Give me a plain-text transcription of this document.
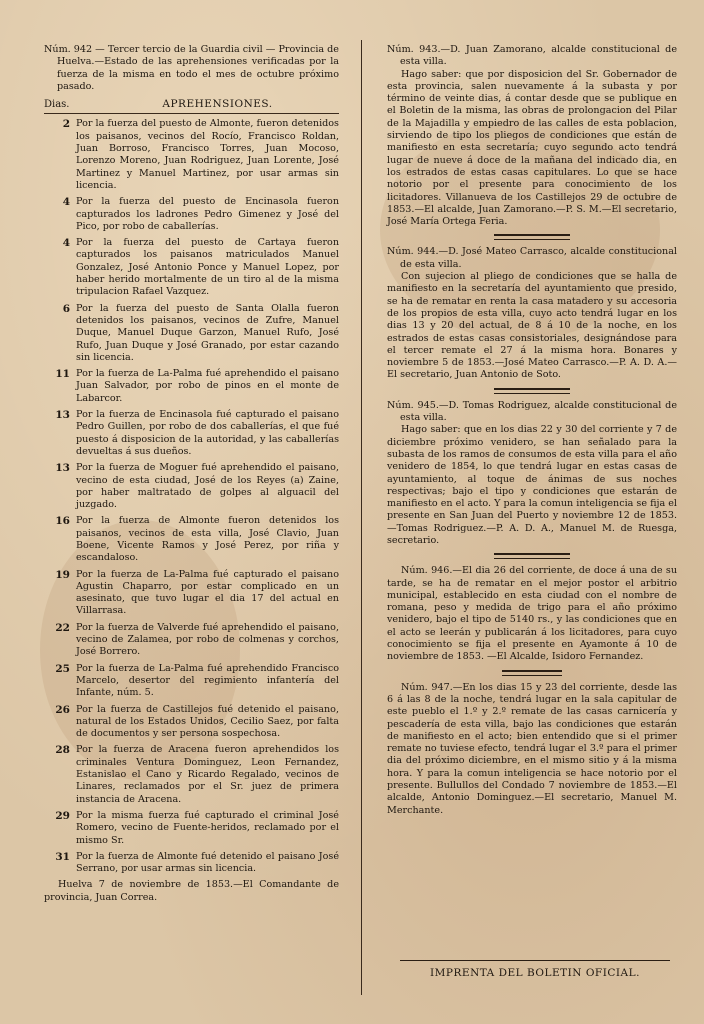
Núm. 942 — Tercer tercio de la Guardia civil — Provincia de Huelva.—Estado de las aprehensiones verificadas por la fuerza de la misma en todo el mes de octubre próximo pasado.

Dias.	APREHENSIONES.
2 Por la fuerza del puesto de Almonte, fueron detenidos los paisanos, vecinos del Rocío, Francisco Roldan, Juan Borroso, Francisco Torres, Juan Mocoso, Lorenzo Moreno, Juan Rodriguez, Juan Lorente, José Martinez y Manuel Martinez, por usar armas sin licencia.
4 Por la fuerza del puesto de Encinasola fueron capturados los ladrones Pedro Gimenez y José del Pico, por robo de caballerías.
4 Por la fuerza del puesto de Cartaya fueron capturados los paisanos matriculados Manuel Gonzalez, José Antonio Ponce y Manuel Lopez, por haber herido mortalmente de un tiro al de la misma tripulacion Rafael Vazquez.
6 Por la fuerza del puesto de Santa Olalla fueron detenidos los paisanos, vecinos de Zufre, Manuel Duque, Manuel Duque Garzon, Manuel Rufo, José Rufo, Juan Duque y José Granado, por estar cazando sin licencia.
11 Por la fuerza de La-Palma fué aprehendido el paisano Juan Salvador, por robo de pinos en el monte de Labarcor.
13 Por la fuerza de Encinasola fué capturado el paisano Pedro Guillen, por robo de dos caballerías, el que fué puesto á disposicion de la autoridad, y las caballerías devueltas á sus dueños.
13 Por la fuerza de Moguer fué aprehendido el paisano, vecino de esta ciudad, José de los Reyes (a) Zaine, por haber maltratado de golpes al alguacil del juzgado.
16 Por la fuerza de Almonte fueron detenidos los paisanos, vecinos de esta villa, José Clavio, Juan Boene, Vicente Ramos y José Perez, por riña y escandaloso.
19 Por la fuerza de La-Palma fué capturado el paisano Agustin Chaparro, por estar complicado en un asesinato, que tuvo lugar el dia 17 del actual en Villarrasa.
22 Por la fuerza de Valverde fué aprehendido el paisano, vecino de Zalamea, por robo de colmenas y corchos, José Borrero.
25 Por la fuerza de La-Palma fué aprehendido Francisco Marcelo, desertor del regimiento infantería del Infante, núm. 5.
26 Por la fuerza de Castillejos fué detenido el paisano, natural de los Estados Unidos, Cecilio Saez, por falta de documentos y ser persona sospechosa.
28 Por la fuerza de Aracena fueron aprehendidos los criminales Ventura Dominguez, Leon Fernandez, Estanislao el Cano y Ricardo Regalado, vecinos de Linares, reclamados por el Sr. juez de primera instancia de Aracena.
29 Por la misma fuerza fué capturado el criminal José Romero, vecino de Fuente-heridos, reclamado por el mismo Sr.
31 Por la fuerza de Almonte fué detenido el paisano José Serrano, por usar armas sin licencia.

Huelva 7 de noviembre de 1853.—El Comandante de provincia, Juan Correa.

Núm. 943.—D. Juan Zamorano, alcalde constitucional de esta villa.

Hago saber: que por disposicion del Sr. Gobernador de esta provincia, salen nuevamente á la subasta y por término de veinte dias, á contar desde que se publique en el Boletin de la misma, las obras de prolongacion del Pilar de la Majadilla y empiedro de las calles de esta poblacion, sirviendo de tipo los pliegos de condiciones que están de manifiesto en esta secretaría; cuyo segundo acto tendrá lugar de nueve á doce de la mañana del indicado dia, en los estrados de estas casas capitulares. Lo que se hace notorio por el presente para conocimiento de los licitadores. Villanueva de los Castillejos 29 de octubre de 1853.—El alcalde, Juan Zamorano.—P. S. M.—El secretario, José María Ortega Feria.

Núm. 944.—D. José Mateo Carrasco, alcalde constitucional de esta villa.

Con sujecion al pliego de condiciones que se halla de manifiesto en la secretaría del ayuntamiento que presido, se ha de rematar en renta la casa matadero y su accesoria de los propios de esta villa, cuyo acto tendrá lugar en los dias 13 y 20 del actual, de 8 á 10 de la noche, en los estrados de estas casas consistoriales, designándose para el tercer remate el 27 á la misma hora. Bonares y noviembre 5 de 1853.—José Mateo Carrasco.—P. A. D. A.—El secretario, Juan Antonio de Soto.

Núm. 945.—D. Tomas Rodriguez, alcalde constitucional de esta villa.

Hago saber: que en los dias 22 y 30 del corriente y 7 de diciembre próximo venidero, se han señalado para la subasta de los ramos de consumos de esta villa para el año venidero de 1854, lo que tendrá lugar en estas casas de ayuntamiento, al toque de ánimas de sus noches respectivas; bajo el tipo y condiciones que estarán de manifiesto en el acto. Y para la comun inteligencia se fija el presente en San Juan del Puerto y noviembre 12 de 1853.—Tomas Rodriguez.—P. A. D. A., Manuel M. de Ruesga, secretario.

Núm. 946.—El dia 26 del corriente, de doce á una de su tarde, se ha de rematar en el mejor postor el arbitrio municipal, establecido en esta ciudad con el nombre de romana, peso y medida de trigo para el año próximo venidero, bajo el tipo de 5140 rs., y las condiciones que en el acto se leerán y publicarán á los licitadores, para cuyo conocimiento se fija el presente en Ayamonte á 10 de noviembre de 1853. —El Alcalde, Isidoro Fernandez.

Núm. 947.—En los dias 15 y 23 del corriente, desde las 6 á las 8 de la noche, tendrá lugar en la sala capitular de este pueblo el 1.º y 2.º remate de las casas carnicería y pescadería de esta villa, bajo las condiciones que estarán de manifiesto en el acto; bien entendido que si el primer remate no tuviese efecto, tendrá lugar el 3.º para el primer dia del próximo diciembre, en el mismo sitio y á la misma hora. Y para la comun inteligencia se hace notorio por el presente. Bullullos del Condado 7 noviembre de 1853.—El alcalde, Antonio Dominguez.—El secretario, Manuel M. Merchante.

IMPRENTA DEL BOLETIN OFICIAL.
